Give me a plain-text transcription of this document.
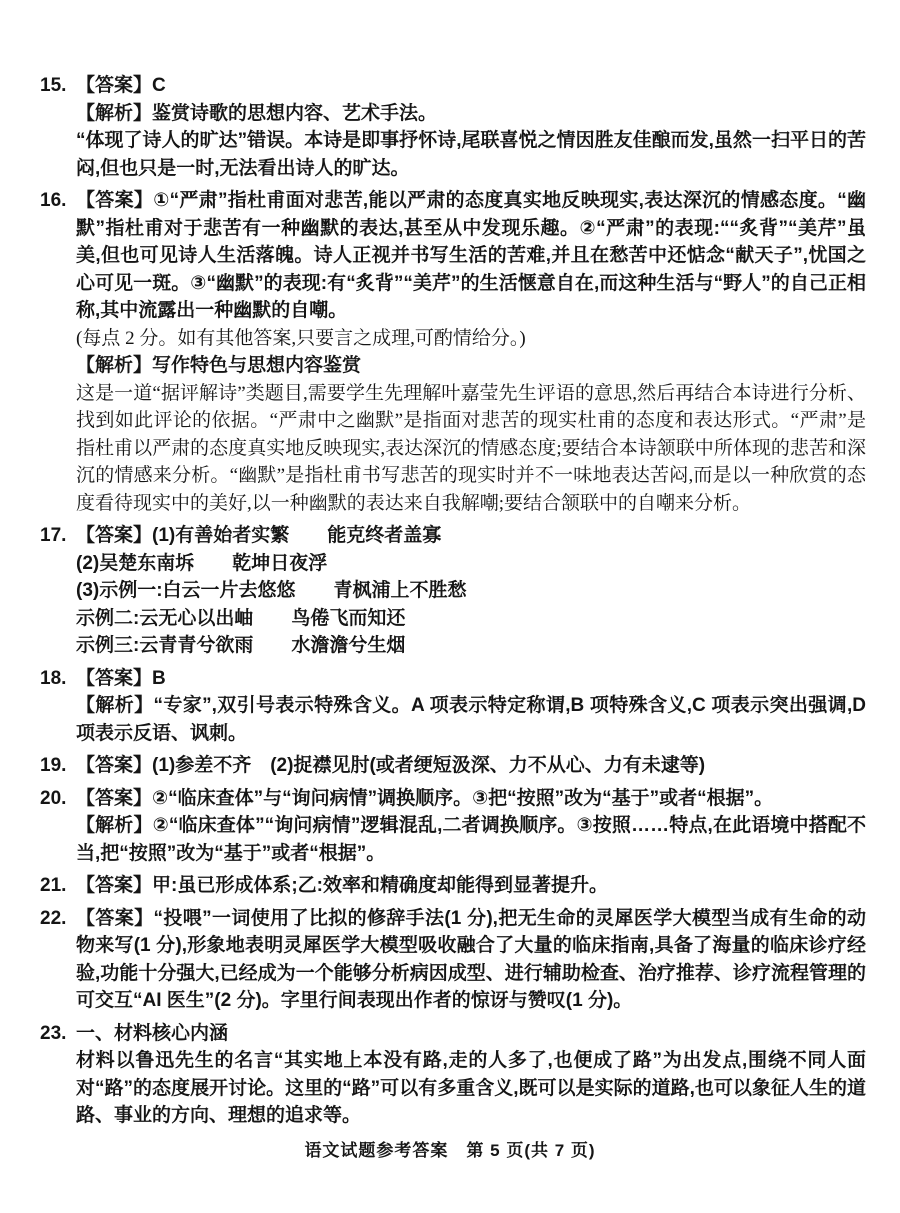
15. 【答案】C

【解析】鉴赏诗歌的思想内容、艺术手法。

“体现了诗人的旷达”错误。本诗是即事抒怀诗,尾联喜悦之情因胜友佳酿而发,虽然一扫平日的苦闷,但也只是一时,无法看出诗人的旷达。

16. 【答案】①“严肃”指杜甫面对悲苦,能以严肃的态度真实地反映现实,表达深沉的情感态度。“幽默”指杜甫对于悲苦有一种幽默的表达,甚至从中发现乐趣。②“严肃”的表现:““炙背”“美芹”虽美,但也可见诗人生活落魄。诗人正视并书写生活的苦难,并且在愁苦中还惦念“献天子”,忧国之心可见一斑。③“幽默”的表现:有“炙背”“美芹”的生活惬意自在,而这种生活与“野人”的自己正相称,其中流露出一种幽默的自嘲。

(每点 2 分。如有其他答案,只要言之成理,可酌情给分。)

【解析】写作特色与思想内容鉴赏

这是一道“据评解诗”类题目,需要学生先理解叶嘉莹先生评语的意思,然后再结合本诗进行分析、找到如此评论的依据。“严肃中之幽默”是指面对悲苦的现实杜甫的态度和表达形式。“严肃”是指杜甫以严肃的态度真实地反映现实,表达深沉的情感态度;要结合本诗颔联中所体现的悲苦和深沉的情感来分析。“幽默”是指杜甫书写悲苦的现实时并不一味地表达苦闷,而是以一种欣赏的态度看待现实中的美好,以一种幽默的表达来自我解嘲;要结合颔联中的自嘲来分析。

17. 【答案】(1)有善始者实繁　　能克终者盖寡

(2)吴楚东南坼　　乾坤日夜浮

(3)示例一:白云一片去悠悠　　青枫浦上不胜愁

示例二:云无心以出岫　　鸟倦飞而知还

示例三:云青青兮欲雨　　水澹澹兮生烟

18. 【答案】B

【解析】“专家”,双引号表示特殊含义。A 项表示特定称谓,B 项特殊含义,C 项表示突出强调,D 项表示反语、讽刺。

19. 【答案】(1)参差不齐　(2)捉襟见肘(或者绠短汲深、力不从心、力有未逮等)

20. 【答案】②“临床查体”与“询问病情”调换顺序。③把“按照”改为“基于”或者“根据”。

【解析】②“临床查体”“询问病情”逻辑混乱,二者调换顺序。③按照……特点,在此语境中搭配不当,把“按照”改为“基于”或者“根据”。

21. 【答案】甲:虽已形成体系;乙:效率和精确度却能得到显著提升。

22. 【答案】“投喂”一词使用了比拟的修辞手法(1 分),把无生命的灵犀医学大模型当成有生命的动物来写(1 分),形象地表明灵犀医学大模型吸收融合了大量的临床指南,具备了海量的临床诊疗经验,功能十分强大,已经成为一个能够分析病因成型、进行辅助检查、治疗推荐、诊疗流程管理的可交互“AI 医生”(2 分)。字里行间表现出作者的惊讶与赞叹(1 分)。

23. 一、材料核心内涵

材料以鲁迅先生的名言“其实地上本没有路,走的人多了,也便成了路”为出发点,围绕不同人面对“路”的态度展开讨论。这里的“路”可以有多重含义,既可以是实际的道路,也可以象征人生的道路、事业的方向、理想的追求等。

语文试题参考答案　第 5 页(共 7 页)
